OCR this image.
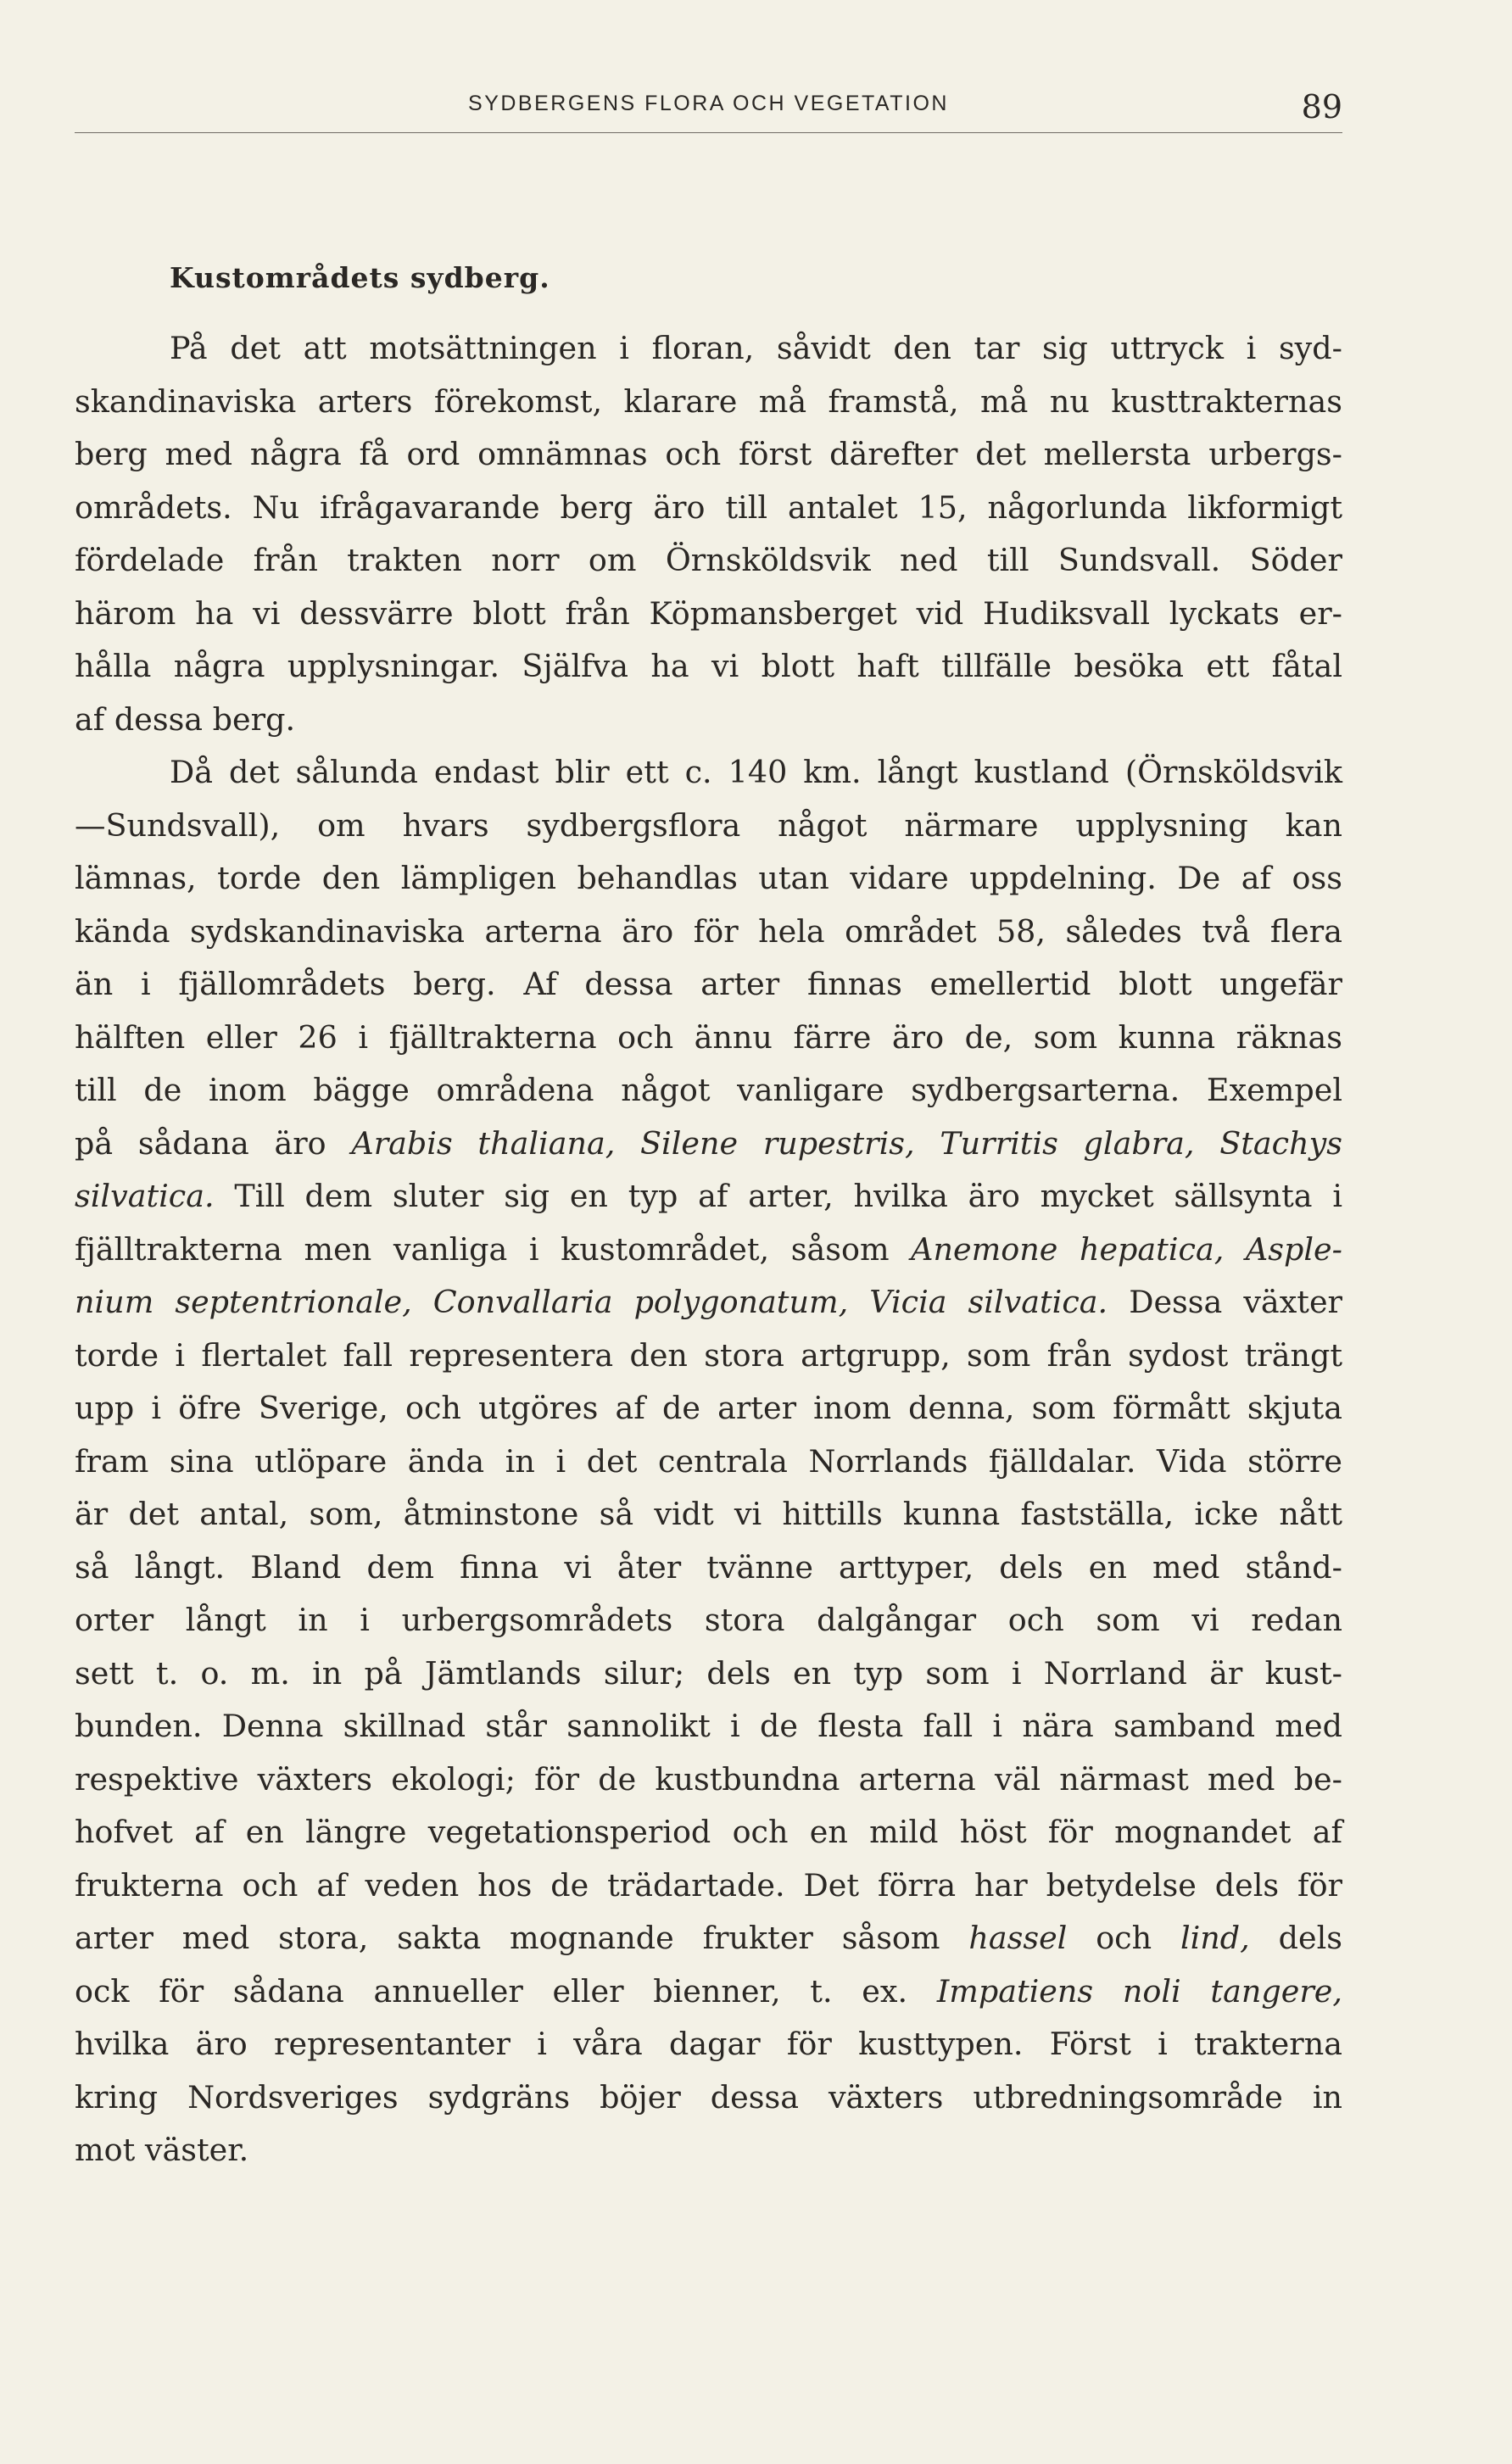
SYDBERGENS FLORA OCH VEGETATION	89
Kustområdets sydberg.
På det att motsättningen i floran, såvidt den tar sig uttryck i syd-
skandinaviska arters förekomst, klarare må framstå, må nu kusttrakternas
berg med några få ord omnämnas och först därefter det mellersta urbergs-
områdets. Nu ifrågavarande berg äro till antalet 15, någorlunda likformigt
fördelade från trakten norr om Örnsköldsvik ned till Sundsvall. Söder
härom ha vi dessvärre blott från Köpmansberget vid Hudiksvall lyckats er-
hålla några upplysningar. Själfva ha vi blott haft tillfälle besöka ett fåtal
af dessa berg.
Då det sålunda endast blir ett c. 140 km. långt kustland (Örnsköldsvik
—Sundsvall), om hvars sydbergsflora något närmare upplysning kan
lämnas, torde den lämpligen behandlas utan vidare uppdelning. De af oss
kända sydskandinaviska arterna äro för hela området 58, således två flera
än i fjällområdets berg. Af dessa arter finnas emellertid blott ungefär
hälften eller 26 i fjälltrakterna och ännu färre äro de, som kunna räknas
till de inom bägge områdena något vanligare sydbergsarterna. Exempel
på sådana äro Arabis thaliana, Silene rupestris, Turritis glabra, Stachys
silvatica. Till dem sluter sig en typ af arter, hvilka äro mycket sällsynta i
fjälltrakterna men vanliga i kustområdet, såsom Anemone hepatica, Asple-
nium septentrionale, Convallaria polygonatum, Vicia silvatica. Dessa växter
torde i flertalet fall representera den stora artgrupp, som från sydost trängt
upp i öfre Sverige, och utgöres af de arter inom denna, som förmått skjuta
fram sina utlöpare ända in i det centrala Norrlands fjälldalar. Vida större
är det antal, som, åtminstone så vidt vi hittills kunna fastställa, icke nått
så långt. Bland dem finna vi åter tvänne arttyper, dels en med stånd-
orter långt in i urbergsområdets stora dalgångar och som vi redan
sett t. o. m. in på Jämtlands silur; dels en typ som i Norrland är kust-
bunden. Denna skillnad står sannolikt i de flesta fall i nära samband med
respektive växters ekologi; för de kustbundna arterna väl närmast med be-
hofvet af en längre vegetationsperiod och en mild höst för mognandet af
frukterna och af veden hos de trädartade. Det förra har betydelse dels för
arter med stora, sakta mognande frukter såsom hassel och lind, dels
ock för sådana annueller eller bienner, t. ex. Impatiens noli tangere,
hvilka äro representanter i våra dagar för kusttypen. Först i trakterna
kring Nordsveriges sydgräns böjer dessa växters utbredningsområde in
mot väster.
